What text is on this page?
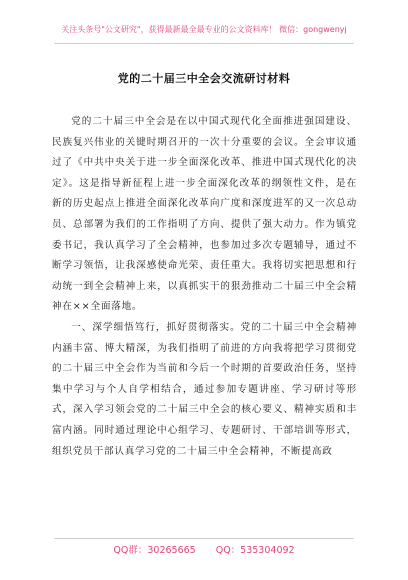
关注头条号"公文研究"，获得最新最全最专业的公文资料库！ 微信：gongwenyj
党的二十届三中全会交流研讨材料

党的二十届三中全会是在以中国式现代化全面推进强国建设、民族复兴伟业的关键时期召开的一次十分重要的会议。全会审议通过了《中共中央关于进一步全面深化改革、推进中国式现代化的决定》。这是指导新征程上进一步全面深化改革的纲领性文件，是在新的历史起点上推进全面深化改革向广度和深度进军的又一次总动员、总部署为我们的工作指明了方向、提供了强大动力。作为镇党委书记，我认真学习了全会精神，也参加过多次专题辅导，通过不断学习领悟，让我深感使命光荣、责任重大。我将切实把思想和行动统一到全会精神上来，以真抓实干的狠劲推动二十届三中全会精神在××全面落地。

一、深学细悟笃行，抓好贯彻落实。党的二十届三中全会精神内涵丰富、博大精深，为我们指明了前进的方向我将把学习贯彻党的二十届三中全会作为当前和今后一个时期的首要政治任务，坚持集中学习与个人自学相结合，通过参加专题讲座、学习研讨等形式，深入学习领会党的二十届三中全会的核心要义、精神实质和丰富内涵。同时通过理论中心组学习、专题研讨、干部培训等形式，组织党员干部认真学习党的二十届三中全会精神，不断提高政

QQ群：30265665 QQ：535304092
